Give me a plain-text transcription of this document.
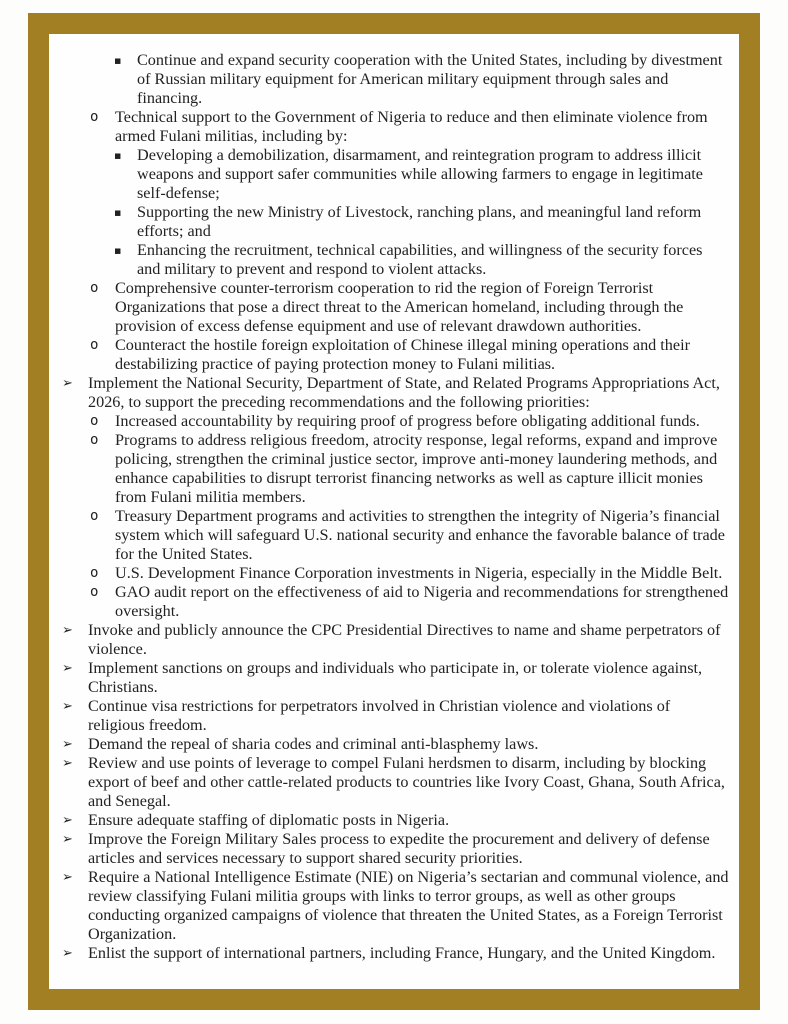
▪ Continue and expand security cooperation with the United States, including by divestment of Russian military equipment for American military equipment through sales and financing.
o Technical support to the Government of Nigeria to reduce and then eliminate violence from armed Fulani militias, including by:
▪ Developing a demobilization, disarmament, and reintegration program to address illicit weapons and support safer communities while allowing farmers to engage in legitimate self-defense;
▪ Supporting the new Ministry of Livestock, ranching plans, and meaningful land reform efforts; and
▪ Enhancing the recruitment, technical capabilities, and willingness of the security forces and military to prevent and respond to violent attacks.
o Comprehensive counter-terrorism cooperation to rid the region of Foreign Terrorist Organizations that pose a direct threat to the American homeland, including through the provision of excess defense equipment and use of relevant drawdown authorities.
o Counteract the hostile foreign exploitation of Chinese illegal mining operations and their destabilizing practice of paying protection money to Fulani militias.
➢ Implement the National Security, Department of State, and Related Programs Appropriations Act, 2026, to support the preceding recommendations and the following priorities:
o Increased accountability by requiring proof of progress before obligating additional funds.
o Programs to address religious freedom, atrocity response, legal reforms, expand and improve policing, strengthen the criminal justice sector, improve anti-money laundering methods, and enhance capabilities to disrupt terrorist financing networks as well as capture illicit monies from Fulani militia members.
o Treasury Department programs and activities to strengthen the integrity of Nigeria’s financial system which will safeguard U.S. national security and enhance the favorable balance of trade for the United States.
o U.S. Development Finance Corporation investments in Nigeria, especially in the Middle Belt.
o GAO audit report on the effectiveness of aid to Nigeria and recommendations for strengthened oversight.
➢ Invoke and publicly announce the CPC Presidential Directives to name and shame perpetrators of violence.
➢ Implement sanctions on groups and individuals who participate in, or tolerate violence against, Christians.
➢ Continue visa restrictions for perpetrators involved in Christian violence and violations of religious freedom.
➢ Demand the repeal of sharia codes and criminal anti-blasphemy laws.
➢ Review and use points of leverage to compel Fulani herdsmen to disarm, including by blocking export of beef and other cattle-related products to countries like Ivory Coast, Ghana, South Africa, and Senegal.
➢ Ensure adequate staffing of diplomatic posts in Nigeria.
➢ Improve the Foreign Military Sales process to expedite the procurement and delivery of defense articles and services necessary to support shared security priorities.
➢ Require a National Intelligence Estimate (NIE) on Nigeria’s sectarian and communal violence, and review classifying Fulani militia groups with links to terror groups, as well as other groups conducting organized campaigns of violence that threaten the United States, as a Foreign Terrorist Organization.
➢ Enlist the support of international partners, including France, Hungary, and the United Kingdom.
